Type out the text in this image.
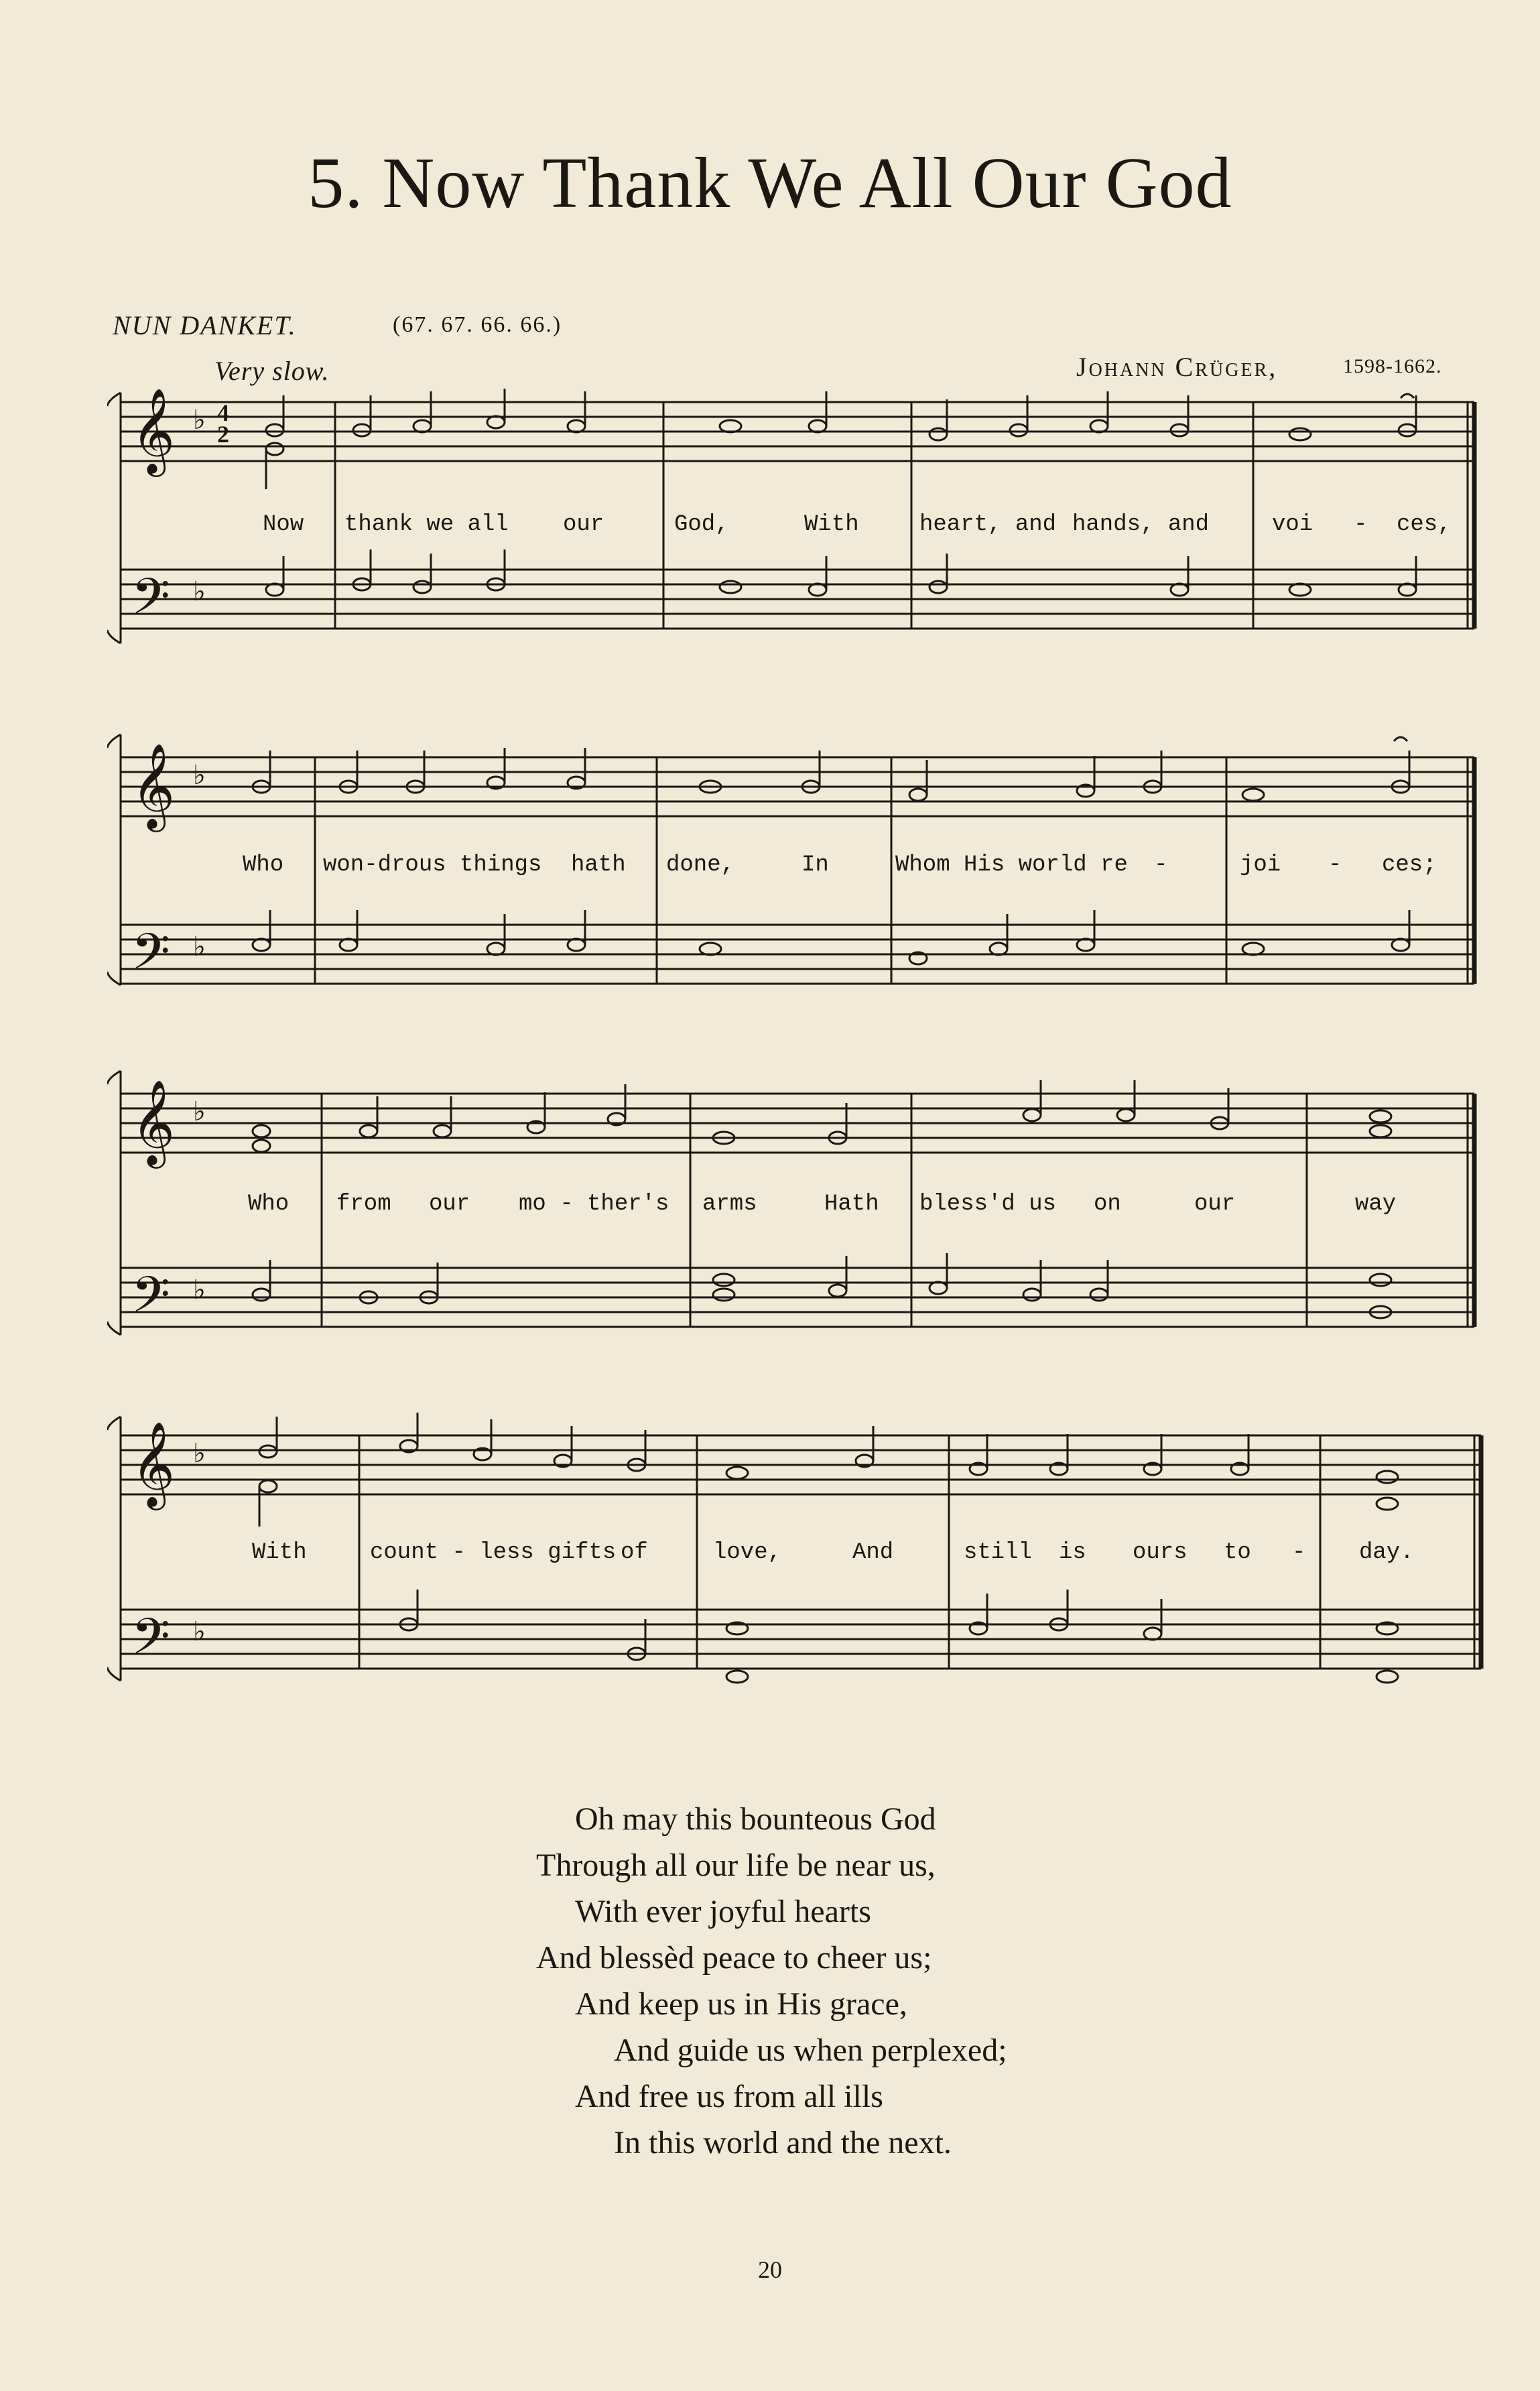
5. Now Thank We All Our God
NUN DANKET.	(67. 67. 66. 66.)
Very slow.	Johann Crüger,	1598-1662.
𝄞
𝄢
♭
♭
4
2
Now thank we all our	God,	With	heart, and hands, and	voi - ces,
𝄞
𝄢
♭
♭
Who won-drous things hath done,	In	Whom His world re -	joi - ces;
𝄞
𝄢
♭
♭
Who from our mo - ther's arms	Hath bless'd us on	our	way
𝄞
𝄢
♭
♭
With	count - less gifts of	love,	And	still is ours to - day.
Oh may this bounteous God
Through all our life be near us,
With ever joyful hearts
And blessèd peace to cheer us;
And keep us in His grace,
And guide us when perplexed;
And free us from all ills
In this world and the next.
20
